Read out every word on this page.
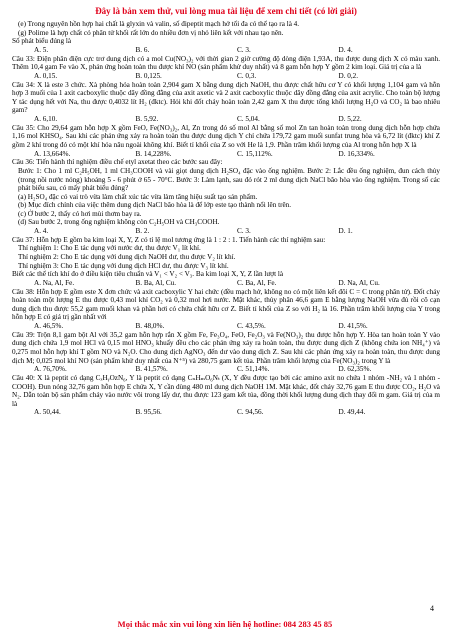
Đây là bản xem thử, vui lòng mua tài liệu để xem chi tiết (có lời giải)
(e) Trong nguyên hồn hợp hai chất là glyxin và valin, số đipeptit mạch hở tối đa có thể tạo ra là 4.
(g) Polime là hợp chất có phân tử khối rất lớn do nhiều đơn vị nhỏ liên kết với nhau tạo nên.
Số phát biểu đúng là
A. 5.	B. 6.	C. 3.	D. 4.
Câu 33: Điện phân điện cực trơ dung dịch có a mol Cu(NO₃)₂ với thời gian 2 giờ cường độ dòng điện 1,93A, thu được dung dịch X có màu xanh. Thêm 10,4 gam Fe vào X, phản ứng hoàn toàn thu được khí NO (sản phẩm khử duy nhất) và 8 gam hỗn hợp Y gồm 2 kim loại. Giá trị của a là
A. 0,15.	B. 0,125.	C. 0,3.	D. 0,2.
Câu 34: X là este 3 chức. Xà phòng hóa hoàn toàn 2,904 gam X bằng dung dịch NaOH, thu được chất hữu cơ Y có khối lượng 1,104 gam và hỗn hợp 3 muối của 1 axit cacboxylic thuộc dãy đồng đẳng của axit axetic và 2 axit cacboxylic thuộc dãy đồng đẳng của axit acrylic. Cho toàn bộ lượng Y tác dụng hết với Na, thu được 0,4032 lít H₂ (đktc). Hỏi khi đốt cháy hoàn toàn 2,42 gam X thu được tổng khối lượng H₂O và CO₂ là bao nhiêu gam?
A. 6,10.	B. 5,92.	C. 5,04.	D. 5,22.
Câu 35: Cho 29,64 gam hỗn hợp X gồm FeO, Fe(NO₃)₂, Al, Zn trong đó số mol Al bằng số mol Zn tan hoàn toàn trong dung dịch hỗn hợp chứa 1,16 mol KHSO₄. Sau khi các phản ứng xảy ra hoàn toàn thu được dung dịch Y chỉ chứa 179,72 gam muối sunfat trung hòa và 6,72 lít (đktc) khí Z gồm 2 khí trong đó có một khí hóa nâu ngoài không khí. Biết tỉ khối của Z so với He là 1,9. Phần trăm khối lượng của Al trong hỗn hợp X là
A. 13,664%.	B. 14,228%.	C. 15,112%.	D. 16,334%.
Câu 36: Tiến hành thí nghiệm điều chế etyl axetat theo các bước sau đây:
Bước 1: Cho 1 ml C₂H₅OH, 1 ml CH₃COOH và vài giọt dung dịch H₂SO₄ đặc vào ống nghiệm. Bước 2: Lắc đều ống nghiệm, đun cách thủy (trong nồi nước nóng) khoảng 5 - 6 phút ở 65 - 70°C. Bước 3: Làm lạnh, sau đó rót 2 ml dung dịch NaCl bão hòa vào ống nghiệm. Trong số các phát biểu sau, có mấy phát biểu đúng?
(a) H₂SO₄ đặc có vai trò vừa làm chất xúc tác vừa làm tăng hiệu suất tạo sản phẩm.
(b) Mục đích chính của việc thêm dung dịch NaCl bão hòa là để lớp este tạo thành nổi lên trên.
(c) Ở bước 2, thấy có hơi mùi thơm bay ra.
(d) Sau bước 2, trong ống nghiệm không còn C₂H₅OH và CH₃COOH.
A. 4.	B. 2.	C. 3.	D. 1.
Câu 37: Hỗn hợp E gồm ba kim loại X, Y, Z có tỉ lệ mol tương ứng là 1 : 2 : 1. Tiến hành các thí nghiệm sau:
Thí nghiệm 1: Cho E tác dụng với nước dư, thu được V₁ lít khí.
Thí nghiệm 2: Cho E tác dụng với dung dịch NaOH dư, thu được V₂ lít khí.
Thí nghiệm 3: Cho E tác dụng với dung dịch HCl dư, thu được V₃ lít khí.
Biết các thể tích khí đo ở điều kiện tiêu chuẩn và V₁ < V₂ < V₃. Ba kim loại X, Y, Z lần lượt là
A. Na, Al, Fe.	B. Ba, Al, Cu.	C. Ba, Al, Fe.	D. Na, Al, Cu.
Câu 38: Hỗn hợp E gồm este X đơn chức và axit cacboxylic Y hai chức (đều mạch hở, không no có một liên kết đôi C = C trong phân tử). Đốt cháy hoàn toàn một lượng E thu được 0,43 mol khí CO₂ và 0,32 mol hơi nước. Mặt khác, thủy phân 46,6 gam E bằng lượng NaOH vừa đủ rồi cô cạn dung dịch thu được 55,2 gam muối khan và phần hơi có chứa chất hữu cơ Z. Biết tỉ khối của Z so với H₂ là 16. Phần trăm khối lượng của Y trong hỗn hợp E có giá trị gần nhất với
A. 46,5%.	B. 48,0%.	C. 43,5%.	D. 41,5%.
Câu 39: Trộn 8,1 gam bột Al với 35,2 gam hỗn hợp rắn X gồm Fe, Fe₃O₄, FeO, Fe₂O₃ và Fe(NO₃)₂ thu được hỗn hợp Y. Hòa tan hoàn toàn Y vào dung dịch chứa 1,9 mol HCl và 0,15 mol HNO₃ khuấy đều cho các phản ứng xảy ra hoàn toàn, thu được dung dịch Z (không chứa ion NH₄⁺) và 0,275 mol hỗn hợp khí T gồm NO và N₂O. Cho dung dịch AgNO₃ đến dư vào dung dịch Z. Sau khi các phản ứng xảy ra hoàn toàn, thu được dung dịch M; 0,025 mol khí NO (sản phẩm khử duy nhất của N⁺⁵) và 280,75 gam kết tủa. Phần trăm khối lượng của Fe(NO₃)₂ trong Y là
A. 76,70%.	B. 41,57%.	C. 51,14%.	D. 62,35%.
Câu 40: X là peptit có dạng CₓHᵧOzN₆, Y là peptit có dạng CₙHₘO₆Nₜ (X, Y đều được tạo bởi các amino axit no chứa 1 nhóm -NH₂ và 1 nhóm -COOH). Đun nóng 32,76 gam hỗn hợp E chứa X, Y cần dùng 480 ml dung dịch NaOH 1M. Mặt khác, đốt cháy 32,76 gam E thu được CO₂, H₂O và N₂. Dẫn toàn bộ sản phẩm cháy vào nước vôi trong lấy dư, thu được 123 gam kết tủa, đồng thời khối lượng dung dịch thay đổi m gam. Giá trị của m là
A. 50,44.	B. 95,56.	C. 94,56.	D. 49,44.
4
Mọi thắc mắc xin vui lòng xin liên hệ hotline: 084 283 45 85
